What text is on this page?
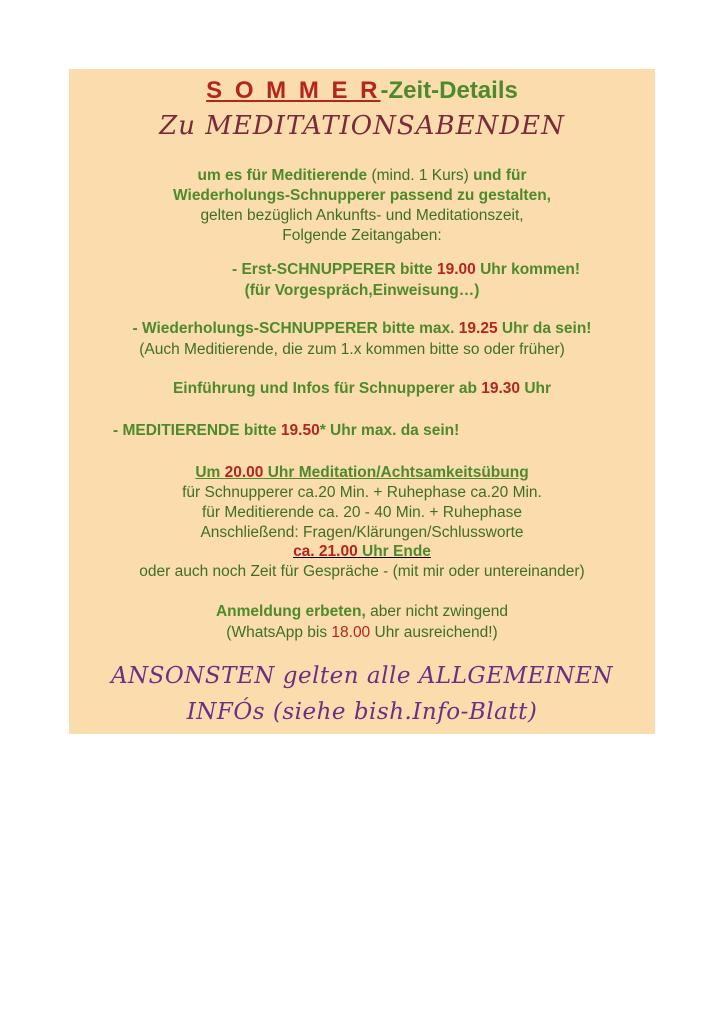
S O M M E R-Zeit-Details
Zu MEDITATIONSABENDEN
um es für Meditierende (mind. 1 Kurs) und für
Wiederholungs-Schnupperer passend zu gestalten,
gelten bezüglich Ankunfts- und Meditationszeit,
Folgende Zeitangaben:
- Erst-SCHNUPPERER bitte 19.00 Uhr kommen!
(für Vorgespräch,Einweisung…)
- Wiederholungs-SCHNUPPERER bitte max. 19.25 Uhr da sein!
(Auch Meditierende, die zum 1.x kommen bitte so oder früher)
Einführung und Infos für Schnupperer ab 19.30 Uhr
- MEDITIERENDE bitte 19.50* Uhr max. da sein!
Um 20.00 Uhr Meditation/Achtsamkeitsübung
für Schnupperer ca.20 Min. + Ruhephase ca.20 Min.
für Meditierende ca. 20 - 40 Min. + Ruhephase
Anschließend: Fragen/Klärungen/Schlussworte
ca. 21.00 Uhr Ende
oder auch noch Zeit für Gespräche - (mit mir oder untereinander)
Anmeldung erbeten, aber nicht zwingend
(WhatsApp bis 18.00 Uhr ausreichend!)
ANSONSTEN gelten alle ALLGEMEINEN
INFÓs (siehe bish.Info-Blatt)
